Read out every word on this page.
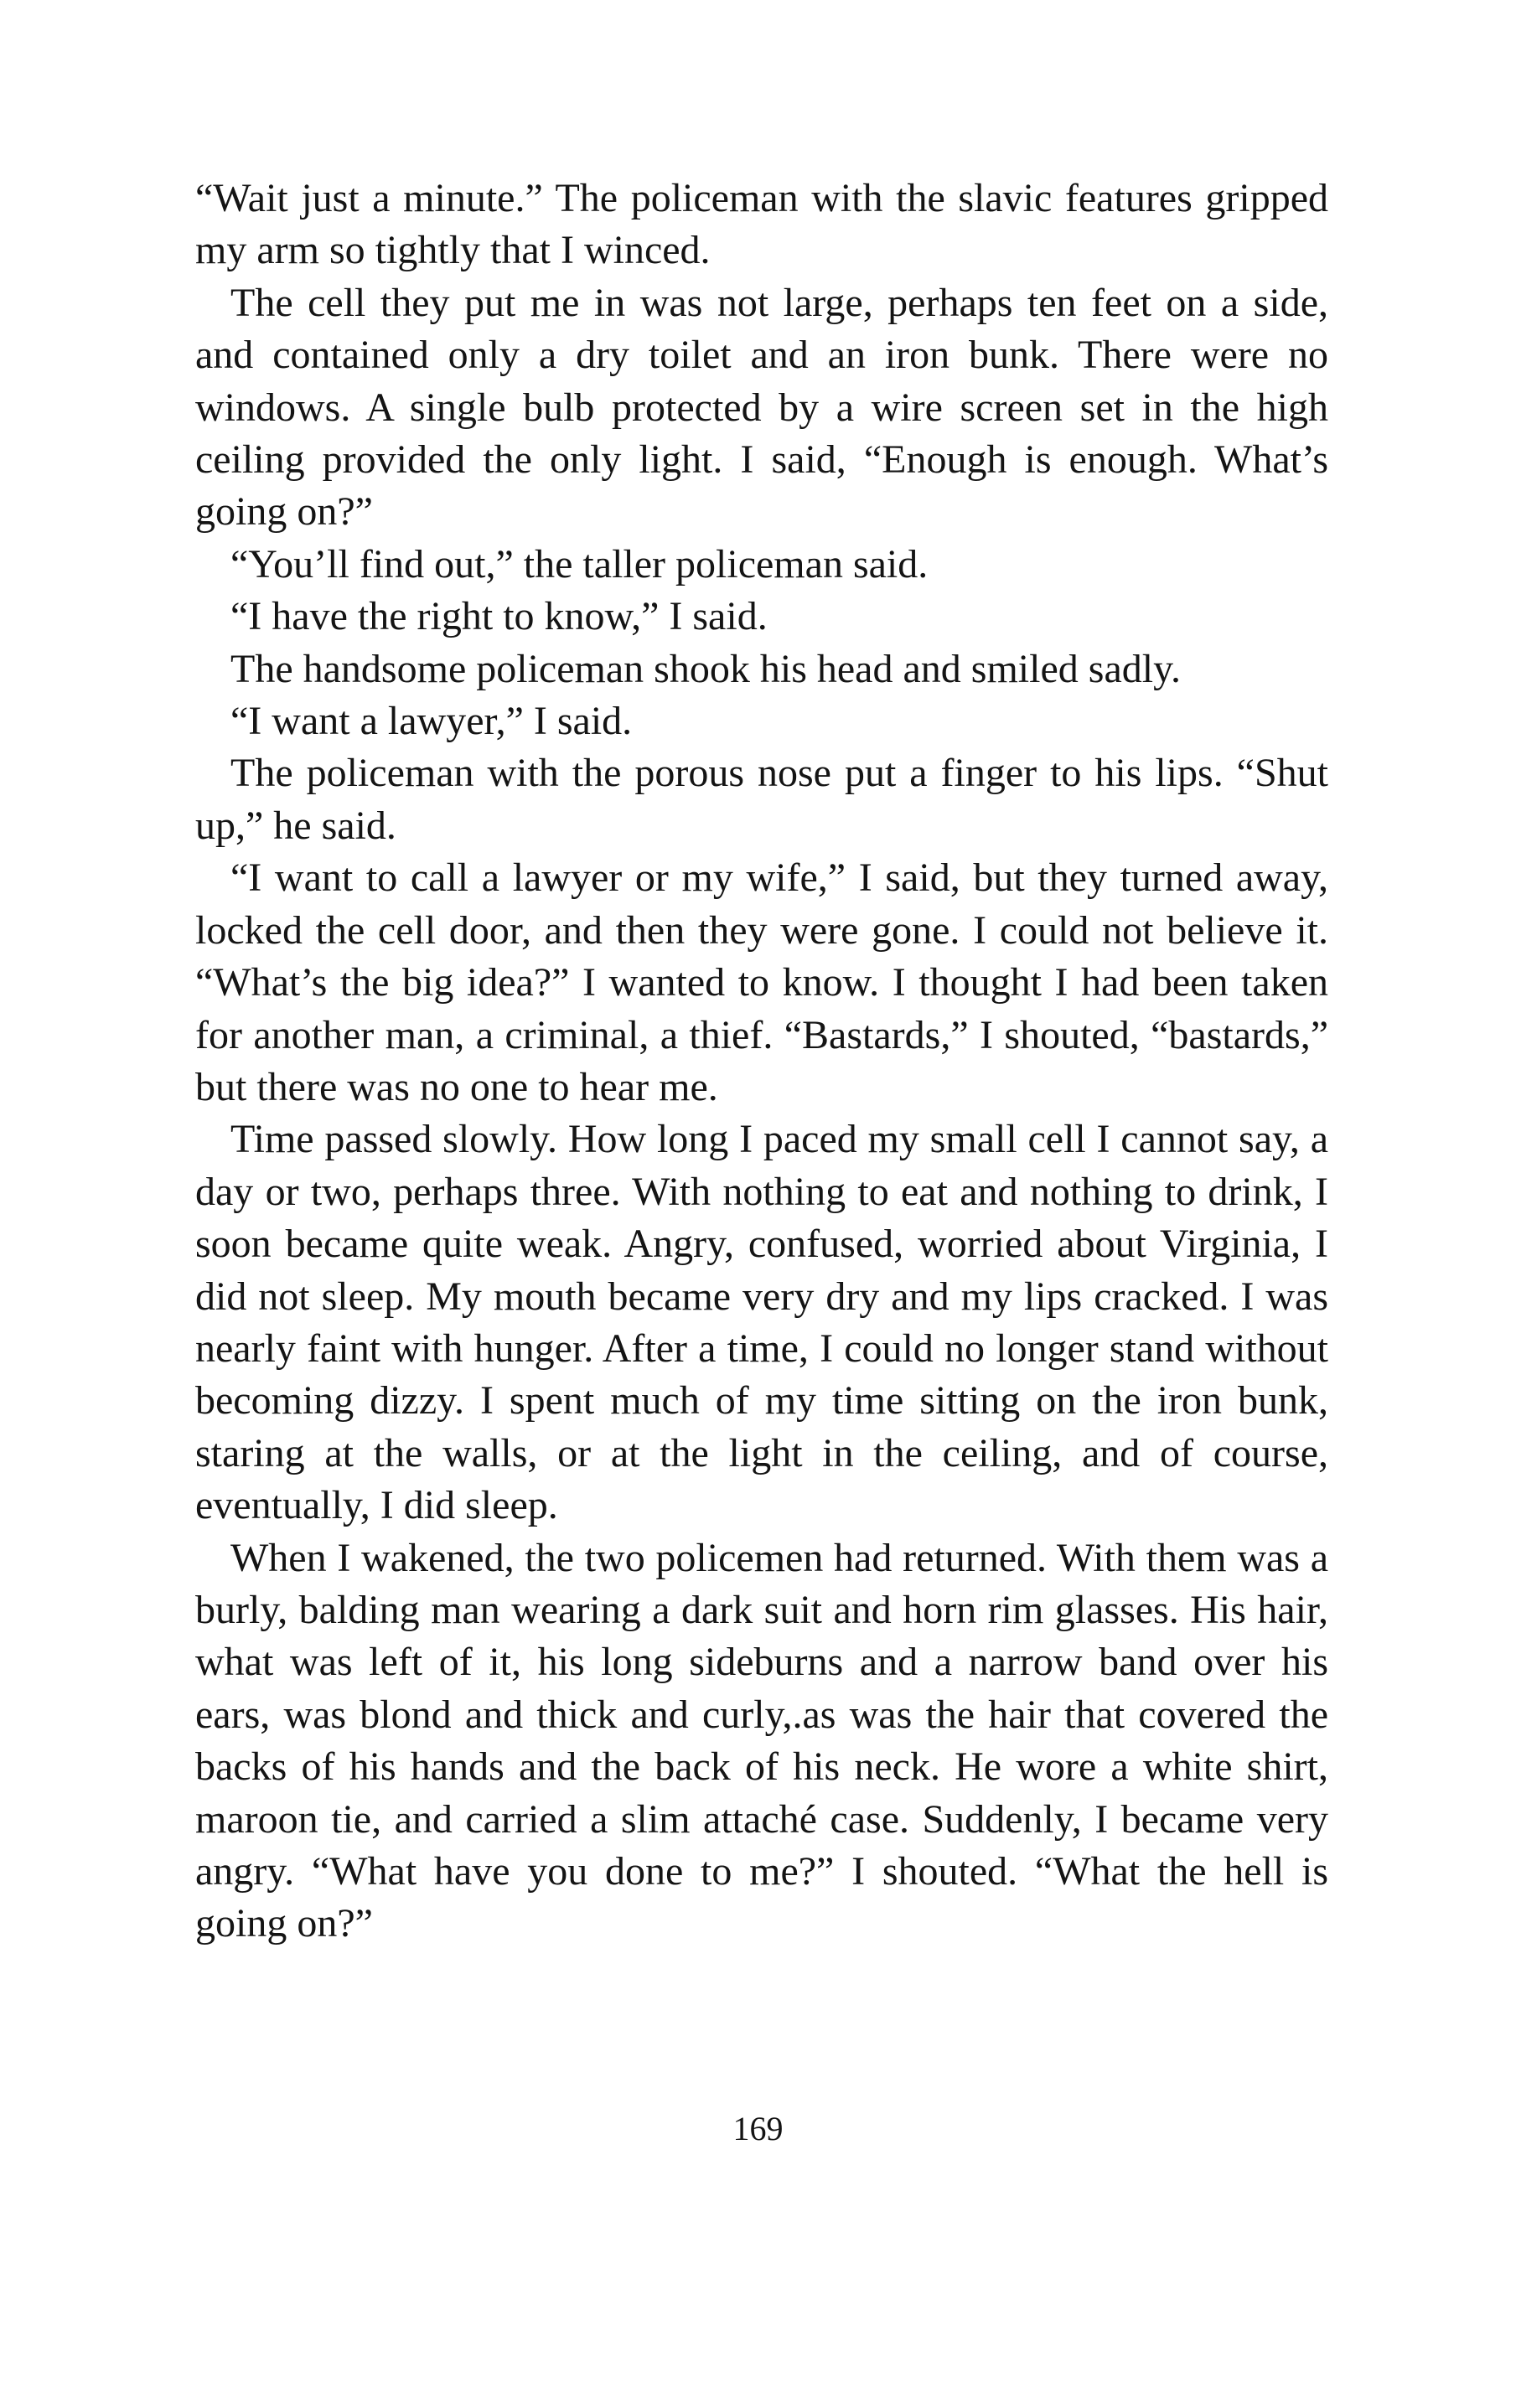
“Wait just a minute.” The policeman with the slavic features gripped my arm so tightly that I winced.

The cell they put me in was not large, perhaps ten feet on a side, and contained only a dry toilet and an iron bunk. There were no windows. A single bulb protected by a wire screen set in the high ceiling provided the only light. I said, “Enough is enough. What’s going on?”

“You’ll find out,” the taller policeman said.

“I have the right to know,” I said.

The handsome policeman shook his head and smiled sadly.

“I want a lawyer,” I said.

The policeman with the porous nose put a finger to his lips. “Shut up,” he said.

“I want to call a lawyer or my wife,” I said, but they turned away, locked the cell door, and then they were gone. I could not believe it. “What’s the big idea?” I wanted to know. I thought I had been taken for another man, a criminal, a thief. “Bastards,” I shouted, “bastards,” but there was no one to hear me.

Time passed slowly. How long I paced my small cell I cannot say, a day or two, perhaps three. With nothing to eat and nothing to drink, I soon became quite weak. Angry, confused, worried about Virginia, I did not sleep. My mouth became very dry and my lips cracked. I was nearly faint with hunger. After a time, I could no longer stand without becoming dizzy. I spent much of my time sitting on the iron bunk, staring at the walls, or at the light in the ceiling, and of course, eventually, I did sleep.

When I wakened, the two policemen had returned. With them was a burly, balding man wearing a dark suit and horn rim glasses. His hair, what was left of it, his long sideburns and a narrow band over his ears, was blond and thick and curly,.as was the hair that covered the backs of his hands and the back of his neck. He wore a white shirt, maroon tie, and carried a slim attaché case. Suddenly, I became very angry. “What have you done to me?” I shouted. “What the hell is going on?”

169
